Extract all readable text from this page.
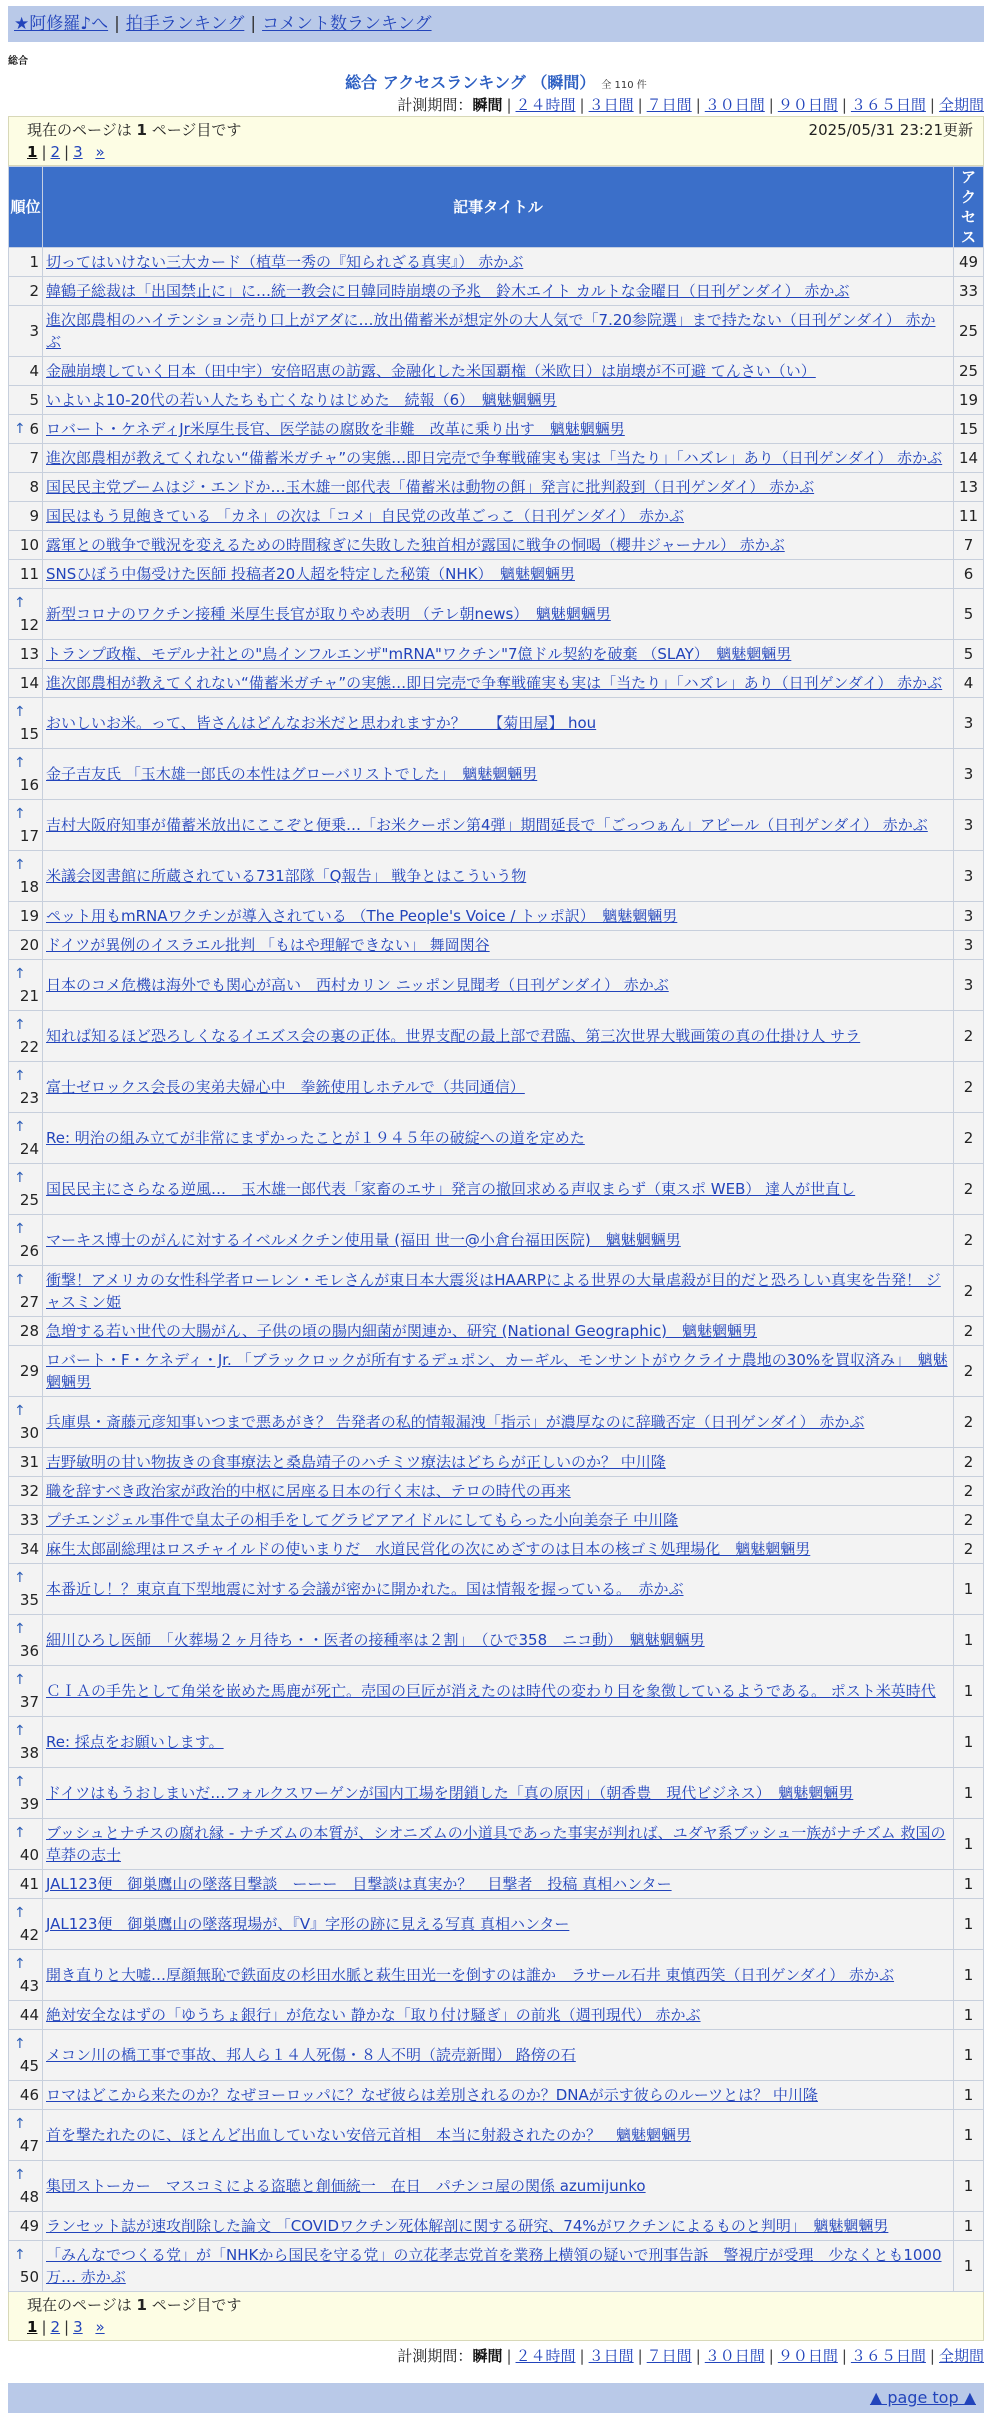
★阿修羅♪へ | 拍手ランキング | コメント数ランキング
総合
総合 アクセスランキング （瞬間） 全 110 件
計測期間：瞬間 | ２４時間 | ３日間 | ７日間 | ３０日間 | ９０日間 | ３６５日間 | 全期間
現在のページは 1 ページ目です	2025/05/31 23:21更新
1 | 2 | 3 »
順位	記事タイトル	アクセス
1	切ってはいけない三大カード（植草一秀の『知られざる真実』） 赤かぶ	49
2	韓鶴子総裁は「出国禁止に」に…統一教会に日韓同時崩壊の予兆　鈴木エイト カルトな金曜日（日刊ゲンダイ） 赤かぶ	33
3	進次郎農相のハイテンション売り口上がアダに…放出備蓄米が想定外の大人気で「7.20参院選」まで持たない（日刊ゲンダイ） 赤かぶ	25
4	金融崩壊していく日本（田中宇）安倍昭恵の訪露、金融化した米国覇権（米欧日）は崩壊が不可避 てんさい（い）	25
5	いよいよ10-20代の若い人たちも亡くなりはじめた　続報（6）　魑魅魍魎男	19

↑ 6	ロバート・ケネディJr米厚生長官、医学誌の腐敗を非難　改革に乗り出す　魑魅魍魎男	15
7	進次郎農相が教えてくれない“備蓄米ガチャ”の実態…即日完売で争奪戦確実も実は「当たり」「ハズレ」あり（日刊ゲンダイ） 赤かぶ	14
8	国民民主党ブームはジ・エンドか…玉木雄一郎代表「備蓄米は動物の餌」発言に批判殺到（日刊ゲンダイ） 赤かぶ	13
9	国民はもう見飽きている 「カネ」の次は「コメ」自民党の改革ごっこ（日刊ゲンダイ） 赤かぶ	11
10	露軍との戦争で戦況を変えるための時間稼ぎに失敗した独首相が露国に戦争の恫喝（櫻井ジャーナル） 赤かぶ	7
11	SNSひぼう中傷受けた医師 投稿者20人超を特定した秘策（NHK）　魑魅魍魎男	6

↑
12	新型コロナのワクチン接種 米厚生長官が取りやめ表明 （テレ朝news）　魑魅魍魎男	5
13	トランプ政権、モデルナ社との"鳥インフルエンザ"mRNA"ワクチン"7億ドル契約を破棄 （SLAY）　魑魅魍魎男	5
14	進次郎農相が教えてくれない“備蓄米ガチャ”の実態…即日完売で争奪戦確実も実は「当たり」「ハズレ」あり（日刊ゲンダイ） 赤かぶ	4

↑
15	おいしいお米。って、皆さんはどんなお米だと思われますか？　　【菊田屋】 hou	3

↑
16	金子吉友氏 「玉木雄一郎氏の本性はグローバリストでした」　魑魅魍魎男	3

↑
17	吉村大阪府知事が備蓄米放出にここぞと便乗…「お米クーポン第4弾」期間延長で「ごっつぁん」アピール（日刊ゲンダイ） 赤かぶ	3

↑
18	米議会図書館に所蔵されている731部隊「Q報告」 戦争とはこういう物	3
19	ペット用もmRNAワクチンが導入されている （The People's Voice / トッポ訳）　魑魅魍魎男	3
20	ドイツが異例のイスラエル批判 「もはや理解できない」 舞岡関谷	3

↑
21	日本のコメ危機は海外でも関心が高い　西村カリン ニッポン見聞考（日刊ゲンダイ） 赤かぶ	3

↑
22	知れば知るほど恐ろしくなるイエズス会の裏の正体。世界支配の最上部で君臨、第三次世界大戦画策の真の仕掛け人 サラ	2

↑
23	富士ゼロックス会長の実弟夫婦心中　拳銃使用しホテルで（共同通信）	2

↑
24	Re: 明治の組み立てが非常にまずかったことが１９４５年の破綻への道を定めた	2

↑
25	国民民主にさらなる逆風…　玉木雄一郎代表「家畜のエサ」発言の撤回求める声収まらず（東スポ WEB） 達人が世直し	2

↑
26	マーキス博士のがんに対するイベルメクチン使用量 (福田 世一@小倉台福田医院)　魑魅魍魎男	2

↑
27	衝撃！アメリカの女性科学者ローレン・モレさんが東日本大震災はHAARPによる世界の大量虐殺が目的だと恐ろしい真実を告発！ ジャスミン姫	2
28	急増する若い世代の大腸がん、子供の頃の腸内細菌が関連か、研究 (National Geographic)　魑魅魍魎男	2
29	ロバート・F・ケネディ・Jr. 「ブラックロックが所有するデュポン、カーギル、モンサントがウクライナ農地の30%を買収済み」　魑魅魍魎男	2

↑
30	兵庫県・斎藤元彦知事いつまで悪あがき？ 告発者の私的情報漏洩「指示」が濃厚なのに辞職否定（日刊ゲンダイ） 赤かぶ	2
31	吉野敏明の甘い物抜きの食事療法と桑島靖子のハチミツ療法はどちらが正しいのか？ 中川隆	2
32	職を辞すべき政治家が政治的中枢に居座る日本の行く末は、テロの時代の再来	2
33	プチエンジェル事件で皇太子の相手をしてグラビアアイドルにしてもらった小向美奈子 中川隆	2
34	麻生太郎副総理はロスチャイルドの使いまりだ　水道民営化の次にめざすのは日本の核ゴミ処理場化　魑魅魍魎男	2

↑
35	本番近し！？東京直下型地震に対する会議が密かに開かれた。国は情報を握っている。　赤かぶ	1

↑
36	細川ひろし医師　「火葬場２ヶ月待ち・・医者の接種率は２割」　（ひで358　ニコ動）　魑魅魍魎男	1

↑
37	ＣＩＡの手先として角栄を嵌めた馬鹿が死亡。売国の巨匠が消えたのは時代の変わり目を象徴しているようである。 ポスト米英時代	1

↑
38	Re: 採点をお願いします。	1

↑
39	ドイツはもうおしまいだ…フォルクスワーゲンが国内工場を閉鎖した「真の原因」（朝香豊　現代ビジネス）　魑魅魍魎男	1

↑
40	ブッシュとナチスの腐れ縁 - ナチズムの本質が、シオニズムの小道具であった事実が判れば、ユダヤ系ブッシュ一族がナチズム 救国の草莽の志士	1
41	JAL123便　御巣鷹山の墜落目撃談　ーーー　目撃談は真実か？　目撃者　投稿 真相ハンター	1

↑
42	JAL123便　御巣鷹山の墜落現場が、『V』字形の跡に見える写真 真相ハンター	1

↑
43	開き直りと大嘘…厚顔無恥で鉄面皮の杉田水脈と萩生田光一を倒すのは誰か　ラサール石井 東慎西笑（日刊ゲンダイ） 赤かぶ	1
44	絶対安全なはずの「ゆうちょ銀行」が危ない 静かな「取り付け騒ぎ」の前兆（週刊現代） 赤かぶ	1

↑
45	メコン川の橋工事で事故、邦人ら１４人死傷・８人不明（読売新聞） 路傍の石	1
46	ロマはどこから来たのか？なぜヨーロッパに？なぜ彼らは差別されるのか？DNAが示す彼らのルーツとは？ 中川隆	1

↑
47	首を撃たれたのに、ほとんど出血していない安倍元首相　本当に射殺されたのか？　魑魅魍魎男	1

↑
48	集団ストーカー　マスコミによる盗聴と創価統一　在日　パチンコ屋の関係 azumijunko	1
49	ランセット誌が速攻削除した論文 「COVIDワクチン死体解剖に関する研究、74%がワクチンによるものと判明」　魑魅魍魎男	1

↑
50	「みんなでつくる党」が「NHKから国民を守る党」の立花孝志党首を業務上横領の疑いで刑事告訴　警視庁が受理　少なくとも1000万… 赤かぶ	1
現在のページは 1 ページ目です
1 | 2 | 3 »
計測期間：瞬間 | ２４時間 | ３日間 | ７日間 | ３０日間 | ９０日間 | ３６５日間 | 全期間
▲ page top ▲
